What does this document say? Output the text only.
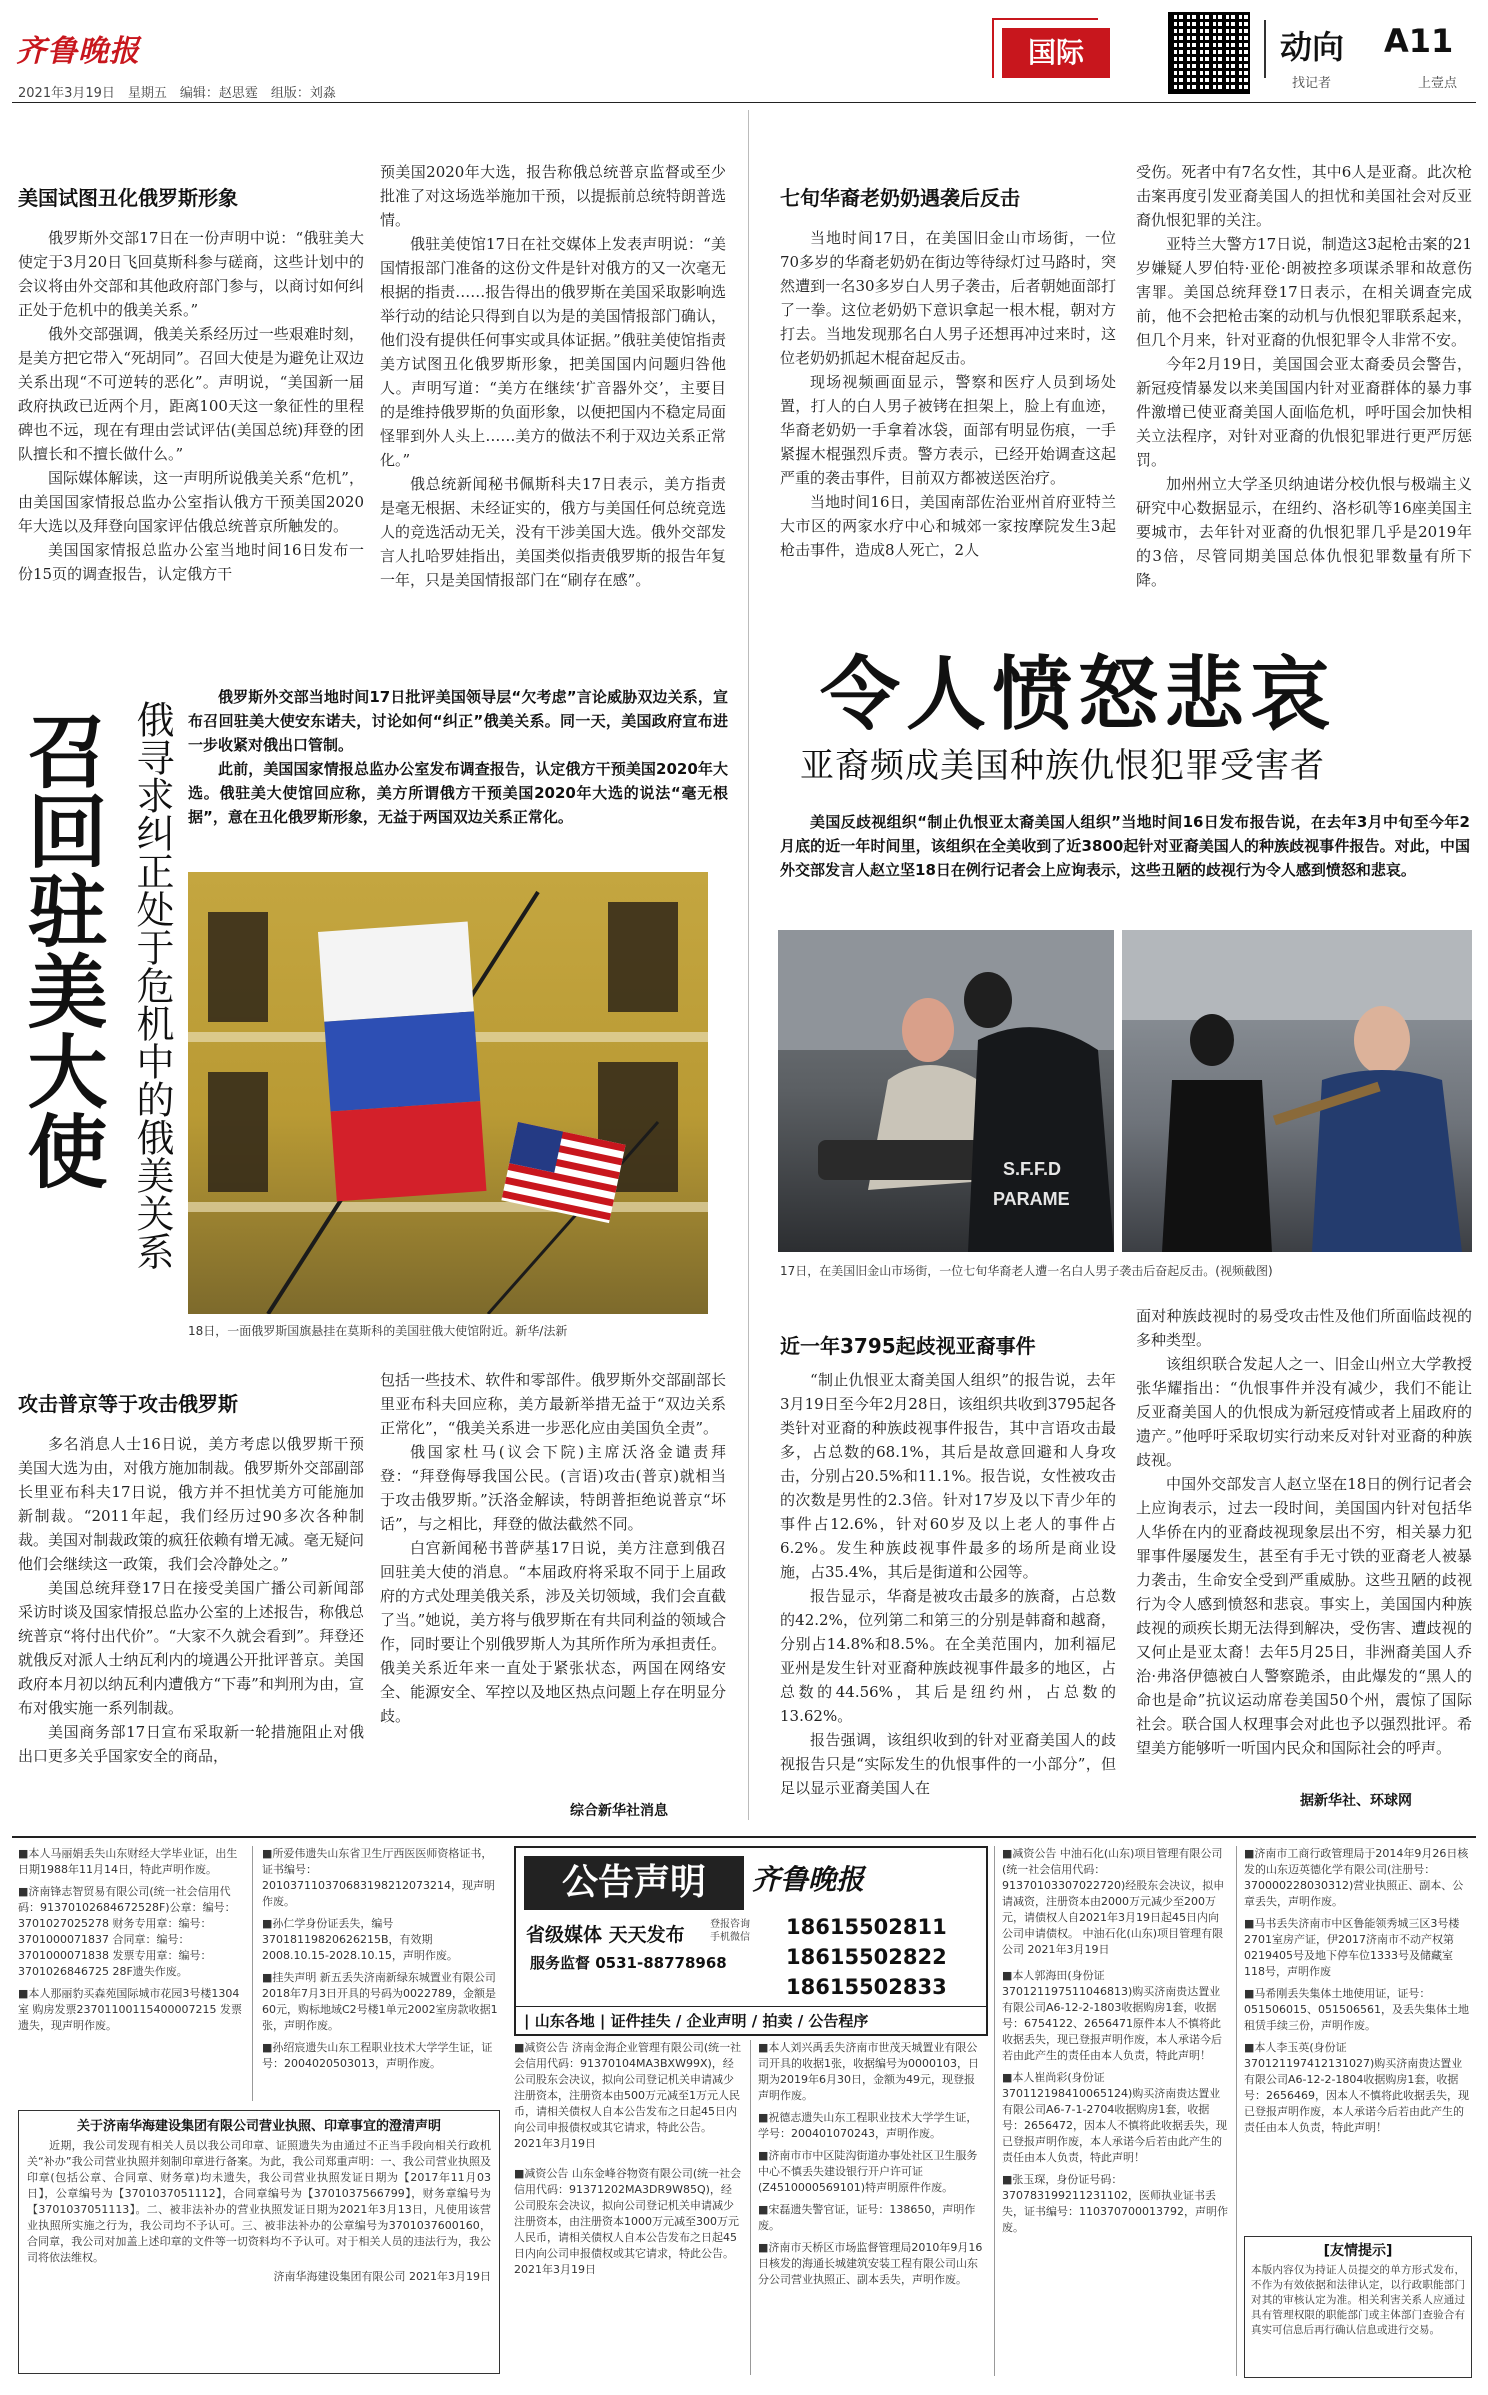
齐鲁晚报
2021年3月19日　星期五　编辑：赵思霆　组版：刘淼
国际	动向 A11
找记者	上壹点
美国试图丑化俄罗斯形象

俄罗斯外交部17日在一份声明中说：“俄驻美大使定于3月20日飞回莫斯科参与磋商，这些计划中的会议将由外交部和其他政府部门参与，以商讨如何纠正处于危机中的俄美关系。”

俄外交部强调，俄美关系经历过一些艰难时刻，是美方把它带入“死胡同”。召回大使是为避免让双边关系出现“不可逆转的恶化”。声明说，“美国新一届政府执政已近两个月，距离100天这一象征性的里程碑也不远，现在有理由尝试评估(美国总统)拜登的团队擅长和不擅长做什么。”

国际媒体解读，这一声明所说俄美关系“危机”，由美国国家情报总监办公室指认俄方干预美国2020年大选以及拜登向国家评估俄总统普京所触发的。

美国国家情报总监办公室当地时间16日发布一份15页的调查报告，认定俄方干

预美国2020年大选，报告称俄总统普京监督或至少批准了对这场选举施加干预，以提振前总统特朗普选情。

俄驻美使馆17日在社交媒体上发表声明说：“美国情报部门准备的这份文件是针对俄方的又一次毫无根据的指责……报告得出的俄罗斯在美国采取影响选举行动的结论只得到自以为是的美国情报部门确认，他们没有提供任何事实或具体证据。”俄驻美使馆指责美方试图丑化俄罗斯形象，把美国国内问题归咎他人。声明写道：“美方在继续‘扩音器外交’，主要目的是维持俄罗斯的负面形象，以便把国内不稳定局面怪罪到外人头上……美方的做法不利于双边关系正常化。”

俄总统新闻秘书佩斯科夫17日表示，美方指责是毫无根据、未经证实的，俄方与美国任何总统竞选人的竞选活动无关，没有干涉美国大选。俄外交部发言人扎哈罗娃指出，美国类似指责俄罗斯的报告年复一年，只是美国情报部门在“刷存在感”。

召回驻美大使 俄寻求纠正处于危机中的俄美关系

俄罗斯外交部当地时间17日批评美国领导层“欠考虑”言论威胁双边关系，宣布召回驻美大使安东诺夫，讨论如何“纠正”俄美关系。同一天，美国政府宣布进一步收紧对俄出口管制。

此前，美国国家情报总监办公室发布调查报告，认定俄方干预美国2020年大选。俄驻美大使馆回应称，美方所谓俄方干预美国2020年大选的说法“毫无根据”，意在丑化俄罗斯形象，无益于两国双边关系正常化。

18日，一面俄罗斯国旗悬挂在莫斯科的美国驻俄大使馆附近。新华/法新
攻击普京等于攻击俄罗斯

多名消息人士16日说，美方考虑以俄罗斯干预美国大选为由，对俄方施加制裁。俄罗斯外交部副部长里亚布科夫17日说，俄方并不担忧美方可能施加新制裁。“2011年起，我们经历过90多次各种制裁。美国对制裁政策的疯狂依赖有增无减。毫无疑问他们会继续这一政策，我们会冷静处之。”

美国总统拜登17日在接受美国广播公司新闻部采访时谈及国家情报总监办公室的上述报告，称俄总统普京“将付出代价”。“大家不久就会看到”。拜登还就俄反对派人士纳瓦利内的境遇公开批评普京。美国政府本月初以纳瓦利内遭俄方“下毒”和判刑为由，宣布对俄实施一系列制裁。

美国商务部17日宣布采取新一轮措施阻止对俄出口更多关乎国家安全的商品，

包括一些技术、软件和零部件。俄罗斯外交部副部长里亚布科夫回应称，美方最新举措无益于“双边关系正常化”，“俄美关系进一步恶化应由美国负全责”。

俄国家杜马(议会下院)主席沃洛金谴责拜登：“拜登侮辱我国公民。(言语)攻击(普京)就相当于攻击俄罗斯。”沃洛金解读，特朗普拒绝说普京“坏话”，与之相比，拜登的做法截然不同。

白宫新闻秘书普萨基17日说，美方注意到俄召回驻美大使的消息。“本届政府将采取不同于上届政府的方式处理美俄关系，涉及关切领域，我们会直截了当。”她说，美方将与俄罗斯在有共同利益的领域合作，同时要让个别俄罗斯人为其所作所为承担责任。俄美关系近年来一直处于紧张状态，两国在网络安全、能源安全、军控以及地区热点问题上存在明显分歧。

综合新华社消息
七旬华裔老奶奶遇袭后反击

当地时间17日，在美国旧金山市场街，一位70多岁的华裔老奶奶在街边等待绿灯过马路时，突然遭到一名30多岁白人男子袭击，后者朝她面部打了一拳。这位老奶奶下意识拿起一根木棍，朝对方打去。当地发现那名白人男子还想再冲过来时，这位老奶奶抓起木棍奋起反击。

现场视频画面显示，警察和医疗人员到场处置，打人的白人男子被铐在担架上，脸上有血迹，华裔老奶奶一手拿着冰袋，面部有明显伤痕，一手紧握木棍强烈斥责。警方表示，已经开始调查这起严重的袭击事件，目前双方都被送医治疗。

当地时间16日，美国南部佐治亚州首府亚特兰大市区的两家水疗中心和城郊一家按摩院发生3起枪击事件，造成8人死亡，2人

受伤。死者中有7名女性，其中6人是亚裔。此次枪击案再度引发亚裔美国人的担忧和美国社会对反亚裔仇恨犯罪的关注。

亚特兰大警方17日说，制造这3起枪击案的21岁嫌疑人罗伯特·亚伦·朗被控多项谋杀罪和故意伤害罪。美国总统拜登17日表示，在相关调查完成前，他不会把枪击案的动机与仇恨犯罪联系起来，但几个月来，针对亚裔的仇恨犯罪令人非常不安。

今年2月19日，美国国会亚太裔委员会警告，新冠疫情暴发以来美国国内针对亚裔群体的暴力事件激增已使亚裔美国人面临危机，呼吁国会加快相关立法程序，对针对亚裔的仇恨犯罪进行更严厉惩罚。

加州州立大学圣贝纳迪诺分校仇恨与极端主义研究中心数据显示，在纽约、洛杉矶等16座美国主要城市，去年针对亚裔的仇恨犯罪几乎是2019年的3倍，尽管同期美国总体仇恨犯罪数量有所下降。

令人愤怒悲哀
亚裔频成美国种族仇恨犯罪受害者
美国反歧视组织“制止仇恨亚太裔美国人组织”当地时间16日发布报告说，在去年3月中旬至今年2月底的近一年时间里，该组织在全美收到了近3800起针对亚裔美国人的种族歧视事件报告。对此，中国外交部发言人赵立坚18日在例行记者会上应询表示，这些丑陋的歧视行为令人感到愤怒和悲哀。
S.F.F.D
PARAME
17日，在美国旧金山市场街，一位七旬华裔老人遭一名白人男子袭击后奋起反击。(视频截图)
近一年3795起歧视亚裔事件

“制止仇恨亚太裔美国人组织”的报告说，去年3月19日至今年2月28日，该组织共收到3795起各类针对亚裔的种族歧视事件报告，其中言语攻击最多，占总数的68.1%，其后是故意回避和人身攻击，分别占20.5%和11.1%。报告说，女性被攻击的次数是男性的2.3倍。针对17岁及以下青少年的事件占12.6%，针对60岁及以上老人的事件占6.2%。发生种族歧视事件最多的场所是商业设施，占35.4%，其后是街道和公园等。

报告显示，华裔是被攻击最多的族裔，占总数的42.2%，位列第二和第三的分别是韩裔和越裔，分别占14.8%和8.5%。在全美范围内，加利福尼亚州是发生针对亚裔种族歧视事件最多的地区，占总数的44.56%，其后是纽约州，占总数的13.62%。

报告强调，该组织收到的针对亚裔美国人的歧视报告只是“实际发生的仇恨事件的一小部分”，但足以显示亚裔美国人在

面对种族歧视时的易受攻击性及他们所面临歧视的多种类型。

该组织联合发起人之一、旧金山州立大学教授张华耀指出：“仇恨事件并没有减少，我们不能让反亚裔美国人的仇恨成为新冠疫情或者上届政府的遗产。”他呼吁采取切实行动来反对针对亚裔的种族歧视。

中国外交部发言人赵立坚在18日的例行记者会上应询表示，过去一段时间，美国国内针对包括华人华侨在内的亚裔歧视现象层出不穷，相关暴力犯罪事件屡屡发生，甚至有手无寸铁的亚裔老人被暴力袭击，生命安全受到严重威胁。这些丑陋的歧视行为令人感到愤怒和悲哀。事实上，美国国内种族歧视的顽疾长期无法得到解决，受伤害、遭歧视的又何止是亚太裔！去年5月25日，非洲裔美国人乔治·弗洛伊德被白人警察跪杀，由此爆发的“黑人的命也是命”抗议运动席卷美国50个州，震惊了国际社会。联合国人权理事会对此也予以强烈批评。希望美方能够听一听国内民众和国际社会的呼声。

据新华社、环球网
■本人马丽娟丢失山东财经大学毕业证，出生日期1988年11月14日，特此声明作废。
■济南锋志智贸易有限公司(统一社会信用代码：91370102684672528F)公章：编号：3701027025278 财务专用章：编号：3701000071837 合同章：编号：3701000071838 发票专用章：编号：3701026846725 28F遗失作废。
■本人那丽豹买森苑国际城市花园3号楼1304室 购房发票23701100115400007215 发票遗失，现声明作废。
关于济南华海建设集团有限公司营业执照、印章事宜的澄清声明
近期，我公司发现有相关人员以我公司印章、证照遗失为由通过不正当手段向相关行政机关“补办”我公司营业执照并刻制印章进行备案。为此，我公司郑重声明：一、我公司营业执照及印章(包括公章、合同章、财务章)均未遗失，我公司营业执照发证日期为【2017年11月03日】，公章编号为【3701037051112】，合同章编号为【3701037566799】，财务章编号为【3701037051113】。二、被非法补办的营业执照发证日期为2021年3月13日，凡使用该营业执照所实施之行为，我公司均不予认可。三、被非法补办的公章编号为3701037600160，合同章，我公司对加盖上述印章的文件等一切资料均不予认可。对于相关人员的违法行为，我公司将依法维权。
济南华海建设集团有限公司 2021年3月19日
■所爱伟遗失山东省卫生厅西医医师资格证书，证书编号：201037110370683198212073214，现声明作废。
■孙仁学身份证丢失，编号37018119820626215B，有效期2008.10.15-2028.10.15，声明作废。
■挂失声明 新五丢失济南新绿东城置业有限公司2018年7月3日开具的号码为0022789，金额是60元，购标地域C2号楼1单元2002室房款收据1张，声明作废。
■孙绍宸遗失山东工程职业技术大学学生证，证号：2004020503013，声明作废。
公告声明	齐鲁晚报
省级媒体 天天发布	登报咨询 手机微信
服务监督 0531-88778968
18615502811
18615502822
18615502833
| 山东各地 | 证件挂失 / 企业声明 / 拍卖 / 公告程序
■减资公告 济南金海企业管理有限公司(统一社会信用代码：91370104MA3BXW99X)，经公司股东会决议，拟向公司登记机关申请减少注册资本，注册资本由500万元减至1万元人民币，请相关债权人自本公告发布之日起45日内向公司申报债权或其它请求，特此公告。 2021年3月19日
■减资公告 山东金峰谷物资有限公司(统一社会信用代码：91371202MA3DR9W85Q)，经公司股东会决议，拟向公司登记机关申请减少注册资本，由注册资本1000万元减至300万元人民币，请相关债权人自本公告发布之日起45日内向公司申报债权或其它请求，特此公告。 2021年3月19日
■本人刘兴禹丢失济南市世茂天城置业有限公司开具的收据1张，收据编号为0000103，日期为2019年6月30日，金额为49元，现登报声明作废。
■祝德志遗失山东工程职业技术大学学生证，学号：200401070243，声明作废。
■济南市市中区陡沟街道办事处社区卫生服务中心不慎丢失建设银行开户许可证(Z4510000569101)特声明原件作废。
■宋磊遗失警官证，证号：138650，声明作废。
■济南市天桥区市场监督管理局2010年9月16日核发的海通长城建筑安装工程有限公司山东分公司营业执照正、副本丢失，声明作废。
■减资公告 中油石化(山东)项目管理有限公司(统一社会信用代码：91370103307022720)经股东会决议，拟申请减资，注册资本由2000万元减少至200万元，请债权人自2021年3月19日起45日内向公司申请债权。 中油石化(山东)项目管理有限公司 2021年3月19日
■本人郭海田(身份证370121197511046813)购买济南贵达置业有限公司A6-12-2-1803收据购房1套，收据号：6754122、2656471原件本人不慎将此收据丢失，现已登报声明作废，本人承诺今后若由此产生的责任由本人负责，特此声明！
■本人崔尚彩(身份证370112198410065124)购买济南贵达置业有限公司A6-7-1-2704收据购房1套，收据号：2656472，因本人不慎将此收据丢失，现已登报声明作废，本人承诺今后若由此产生的责任由本人负责，特此声明！
■张玉琛，身份证号码：370783199211231102，医师执业证书丢失，证书编号：110370700013792，声明作废。
■济南市工商行政管理局于2014年9月26日核发的山东迈英德化学有限公司(注册号：370000228030312)营业执照正、副本、公章丢失，声明作废。
■马书丢失济南市中区鲁能领秀城三区3号楼2701室房产证，伊2017济南市不动产权第0219405号及地下停车位1333号及储藏室118号，声明作废
■马希刚丢失集体土地使用证，证号：051506015、051506561，及丢失集体土地租赁手续三份，声明作废。
■本人李玉英(身份证370121197412131027)购买济南贵达置业有限公司A6-12-2-1804收据购房1套，收据号：2656469，因本人不慎将此收据丢失，现已登报声明作废，本人承诺今后若由此产生的责任由本人负责，特此声明！
[友情提示]
本版内容仅为持证人员提交的单方形式发布，不作为有效依据和法律认定，以行政职能部门对其的审核认定为准。相关利害关系人应通过具有管理权限的职能部门或主体部门查验合有真实可信息后再行确认信息或进行交易。
